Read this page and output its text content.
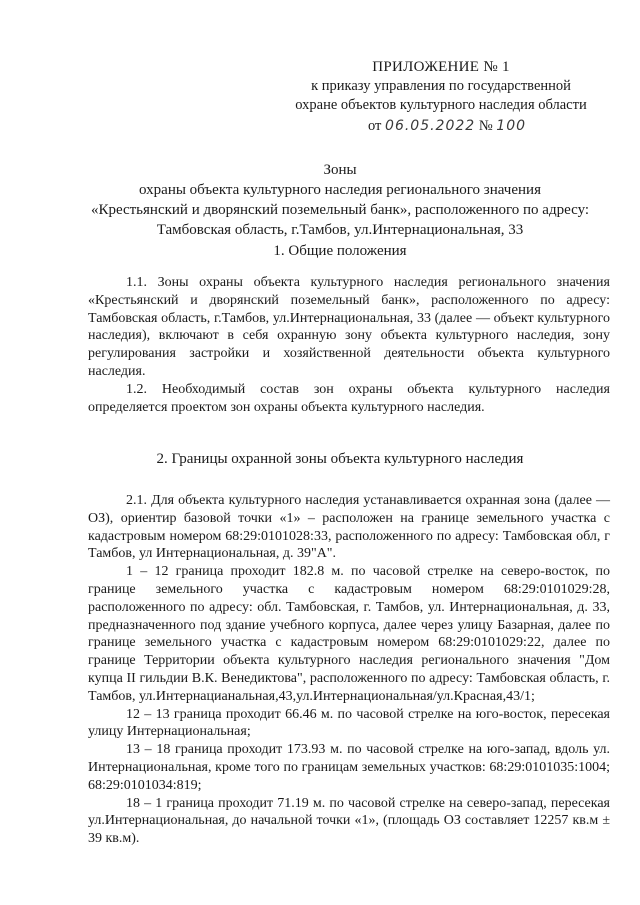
ПРИЛОЖЕНИЕ № 1
к приказу управления по государственной
охране объектов культурного наследия области
от 06.05.2022 № 100
Зоны
охраны объекта культурного наследия регионального значения
«Крестьянский и дворянский поземельный банк», расположенного по адресу:
Тамбовская область, г.Тамбов, ул.Интернациональная, 33
1. Общие положения

1.1. Зоны охраны объекта культурного наследия регионального значения «Крестьянский и дворянский поземельный банк», расположенного по адресу: Тамбовская область, г.Тамбов, ул.Интернациональная, 33 (далее — объект культурного наследия), включают в себя охранную зону объекта культурного наследия, зону регулирования застройки и хозяйственной деятельности объекта культурного наследия.

1.2. Необходимый состав зон охраны объекта культурного наследия определяется проектом зон охраны объекта культурного наследия.

2. Границы охранной зоны объекта культурного наследия

2.1. Для объекта культурного наследия устанавливается охранная зона (далее — ОЗ), ориентир базовой точки «1» – расположен на границе земельного участка с кадастровым номером 68:29:0101028:33, расположенного по адресу: Тамбовская обл, г Тамбов, ул Интернациональная, д. 39"А".

1 – 12 граница проходит 182.8 м. по часовой стрелке на северо-восток, по границе земельного участка с кадастровым номером 68:29:0101029:28, расположенного по адресу: обл. Тамбовская, г. Тамбов, ул. Интернациональная, д. 33, предназначенного под здание учебного корпуса, далее через улицу Базарная, далее по границе земельного участка с кадастровым номером 68:29:0101029:22, далее по границе Территории объекта культурного наследия регионального значения "Дом купца II гильдии В.К. Венедиктова", расположенного по адресу: Тамбовская область, г. Тамбов, ул.Интернацианальная,43,ул.Интернациональная/ул.Красная,43/1;

12 – 13 граница проходит 66.46 м. по часовой стрелке на юго-восток, пересекая улицу Интернациональная;

13 – 18 граница проходит 173.93 м. по часовой стрелке на юго-запад, вдоль ул. Интернациональная, кроме того по границам земельных участков: 68:29:0101035:1004; 68:29:0101034:819;

18 – 1 граница проходит 71.19 м. по часовой стрелке на северо-запад, пересекая ул.Интернациональная, до начальной точки «1», (площадь ОЗ составляет 12257 кв.м ± 39 кв.м).
